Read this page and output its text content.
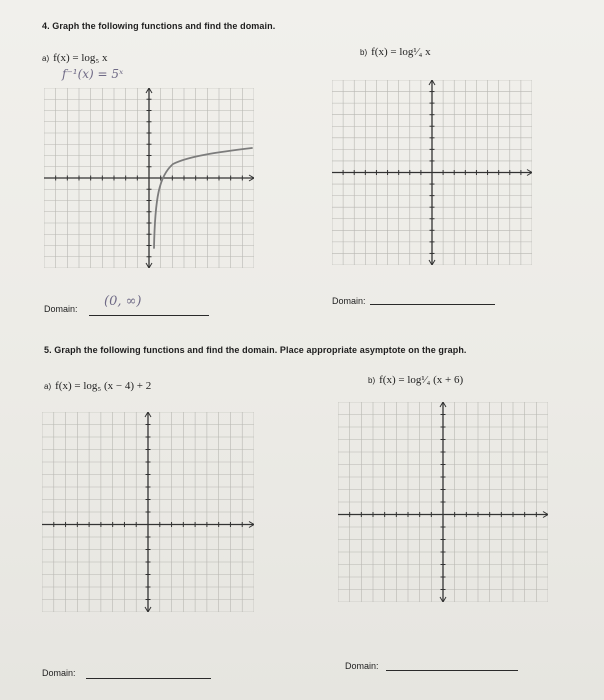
4. Graph the following functions and find the domain.
a) f(x) = log₅ x
f⁻¹(x) = 5ˣ
b) f(x) = log¹⁄₄ x
Domain: (0, ∞)	Domain:
5. Graph the following functions and find the domain. Place appropriate asymptote on the graph.
a) f(x) = log₅ (x − 4) + 2	b) f(x) = log¹⁄₄ (x + 6)
Domain:
Domain:
